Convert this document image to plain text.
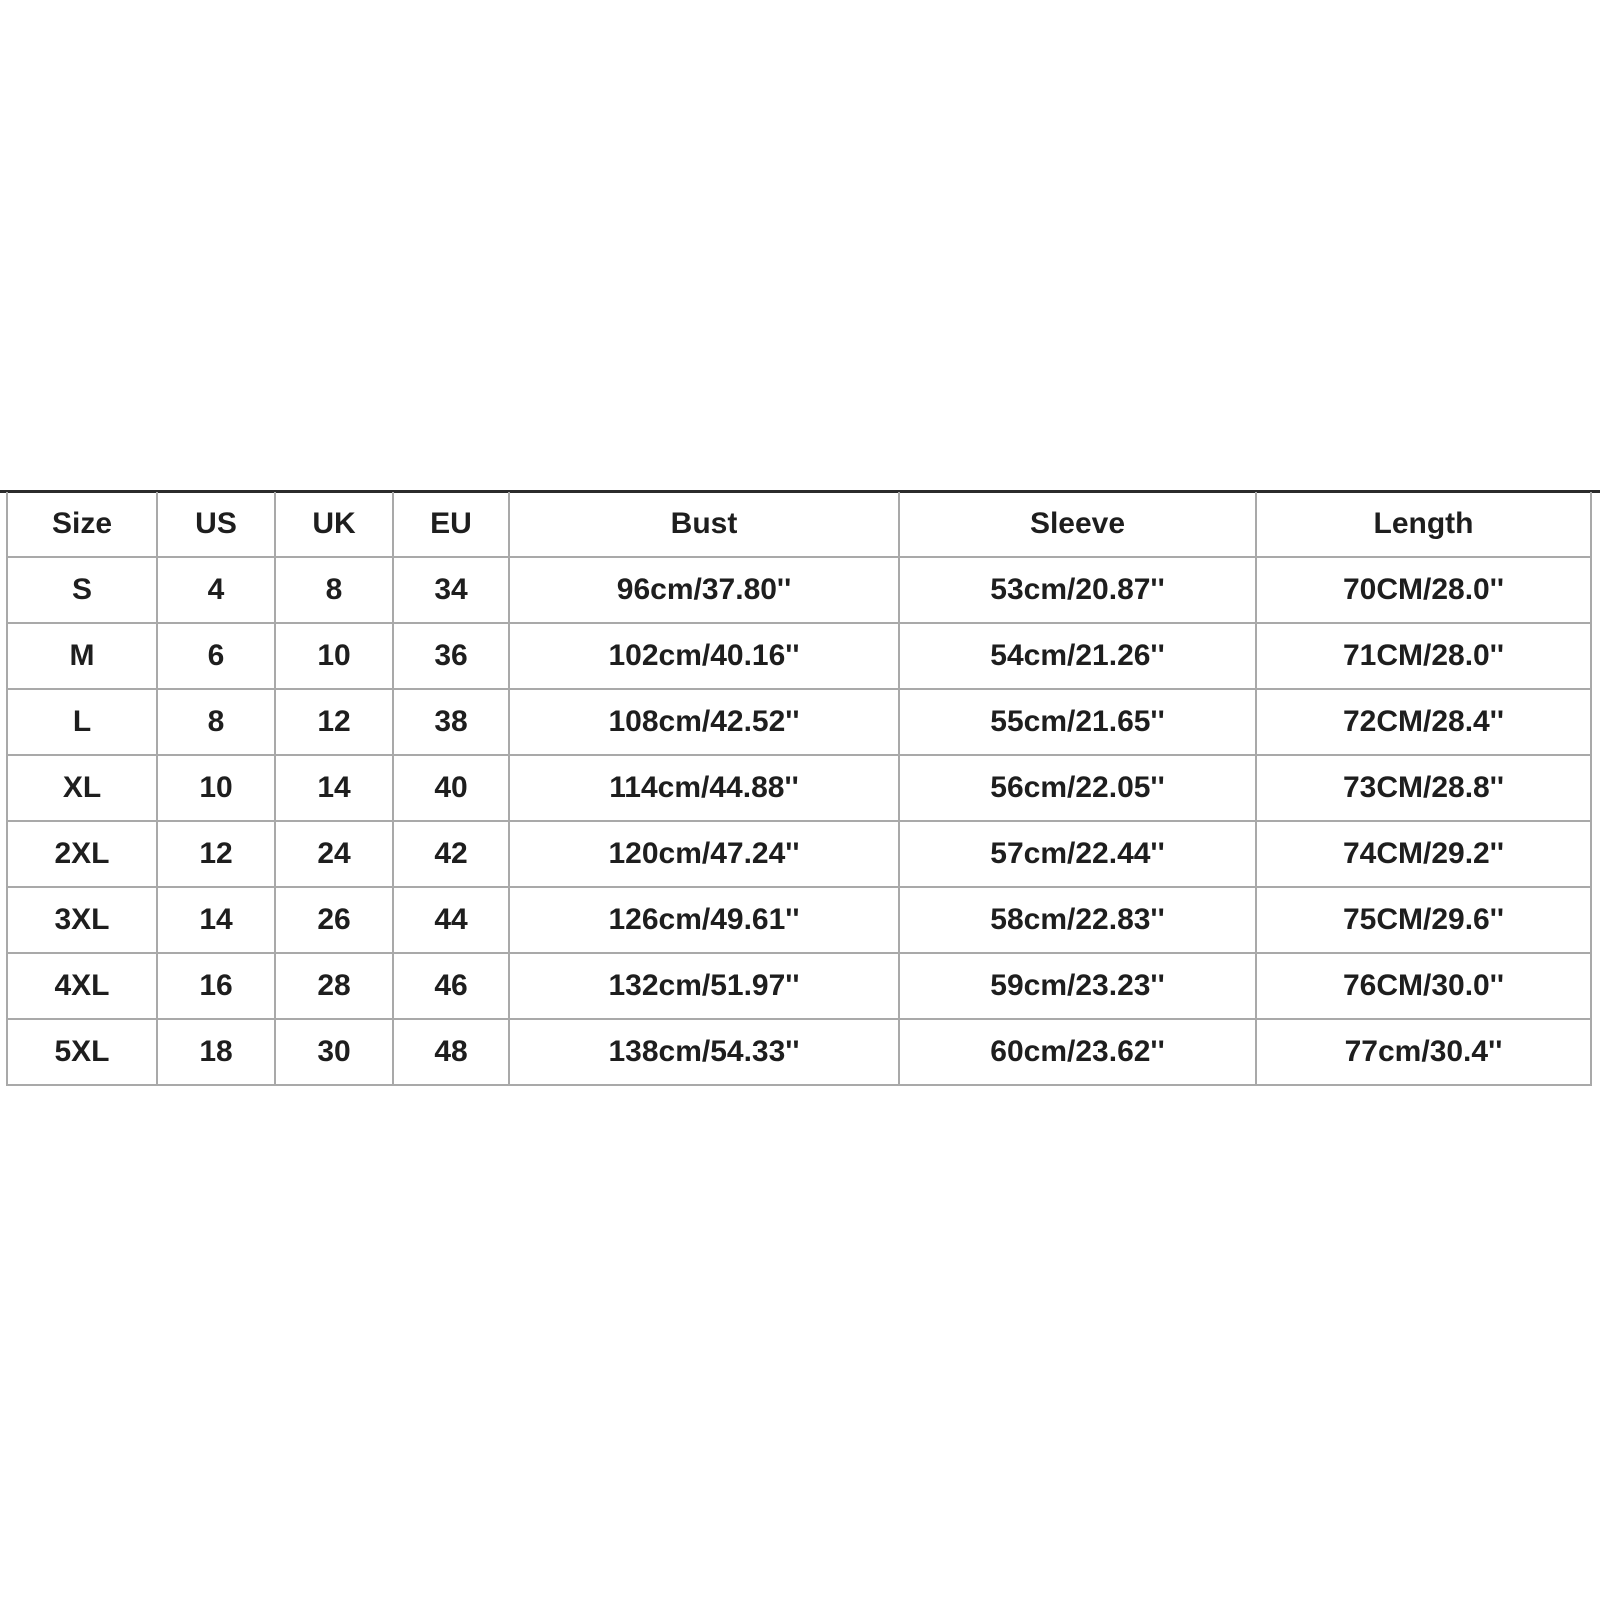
Size	US	UK	EU	Bust	Sleeve	Length
S	4	8	34	96cm/37.80''	53cm/20.87''	70CM/28.0''
M	6	10	36	102cm/40.16''	54cm/21.26''	71CM/28.0''
L	8	12	38	108cm/42.52''	55cm/21.65''	72CM/28.4''
XL	10	14	40	114cm/44.88''	56cm/22.05''	73CM/28.8''
2XL	12	24	42	120cm/47.24''	57cm/22.44''	74CM/29.2''
3XL	14	26	44	126cm/49.61''	58cm/22.83''	75CM/29.6''
4XL	16	28	46	132cm/51.97''	59cm/23.23''	76CM/30.0''
5XL	18	30	48	138cm/54.33''	60cm/23.62''	77cm/30.4''
